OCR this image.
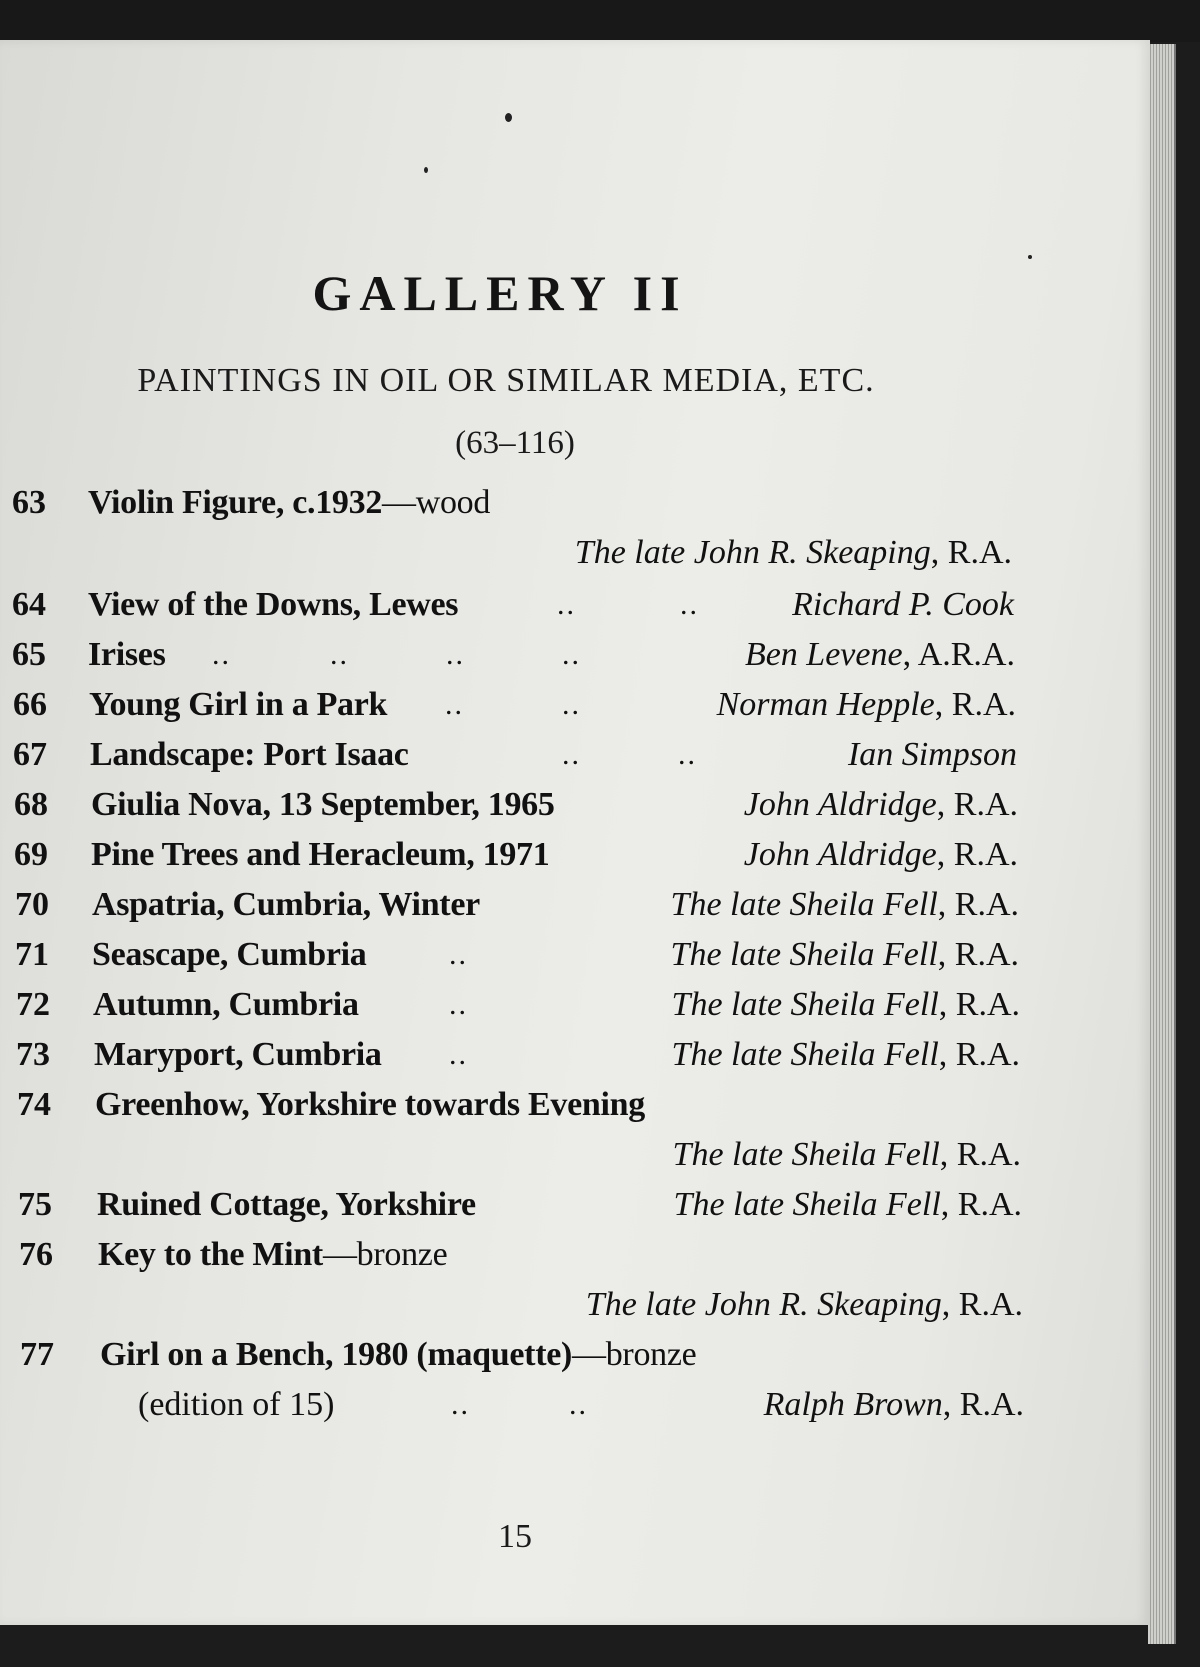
GALLERY II
PAINTINGS IN OIL OR SIMILAR MEDIA, ETC.
(63–116)
63 Violin Figure, c.1932—wood
The late John R. Skeaping, R.A.
64 View of the Downs, Lewes	..	..	Richard P. Cook
65 Irises ..	..	..	..	Ben Levene, A.R.A.
66 Young Girl in a Park ..	..	Norman Hepple, R.A.
67 Landscape: Port Isaac	..	..	Ian Simpson
68 Giulia Nova, 13 September, 1965	John Aldridge, R.A.
69 Pine Trees and Heracleum, 1971	John Aldridge, R.A.
70 Aspatria, Cumbria, Winter	The late Sheila Fell, R.A.
71 Seascape, Cumbria	..	The late Sheila Fell, R.A.
72 Autumn, Cumbria	..	The late Sheila Fell, R.A.
73 Maryport, Cumbria ..	The late Sheila Fell, R.A.
74 Greenhow, Yorkshire towards Evening
The late Sheila Fell, R.A.
75 Ruined Cottage, Yorkshire	The late Sheila Fell, R.A.
76 Key to the Mint—bronze
The late John R. Skeaping, R.A.
77 Girl on a Bench, 1980 (maquette)—bronze
(edition of 15)	..	..	Ralph Brown, R.A.
15
